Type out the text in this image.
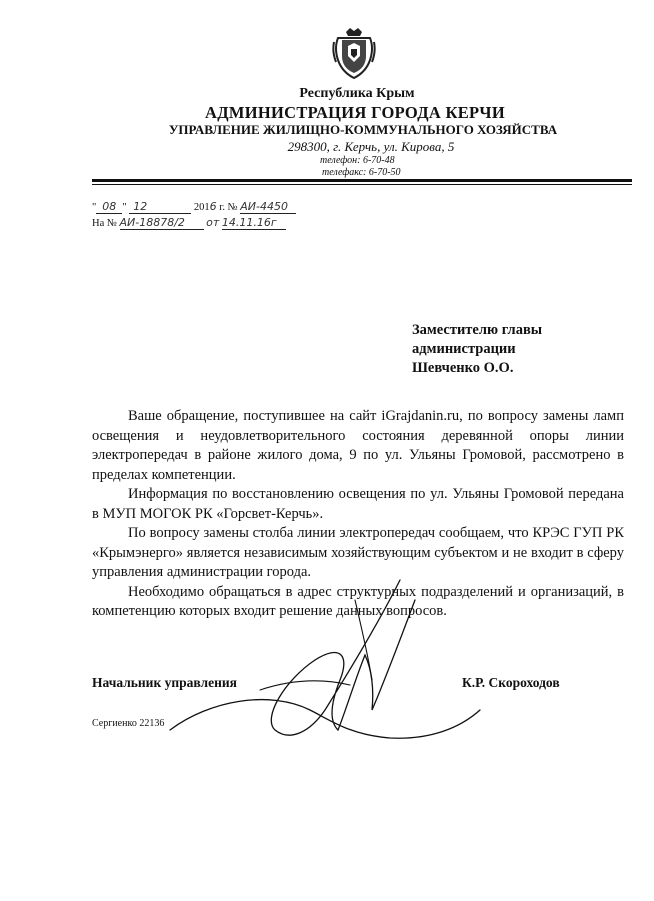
Республика Крым
АДМИНИСТРАЦИЯ ГОРОДА КЕРЧИ
УПРАВЛЕНИЕ ЖИЛИЩНО-КОММУНАЛЬНОГО ХОЗЯЙСТВА
298300, г. Керчь, ул. Кирова, 5
телефон: 6-70-48
телефакс: 6-70-50
" 08 " 12	2016 г. № АИ-4450
На № АИ-18878/2 от 14.11.16г
Заместителю главы
администрации
Шевченко О.О.

Ваше обращение, поступившее на сайт iGrajdanin.ru, по вопросу замены ламп освещения и неудовлетворительного состояния деревянной опоры линии электропередач в районе жилого дома, 9 по ул. Ульяны Громовой, рассмотрено в пределах компетенции.

Информация по восстановлению освещения по ул. Ульяны Громовой передана в МУП МОГОК РК «Горсвет-Керчь».

По вопросу замены столба линии электропередач сообщаем, что КРЭС ГУП РК «Крымэнерго» является независимым хозяйствующим субъектом и не входит в сферу управления администрации города.

Необходимо обращаться в адрес структурных подразделений и организаций, в компетенцию которых входит решение данных вопросов.

Начальник управления	К.Р. Скороходов
Сергиенко 22136
